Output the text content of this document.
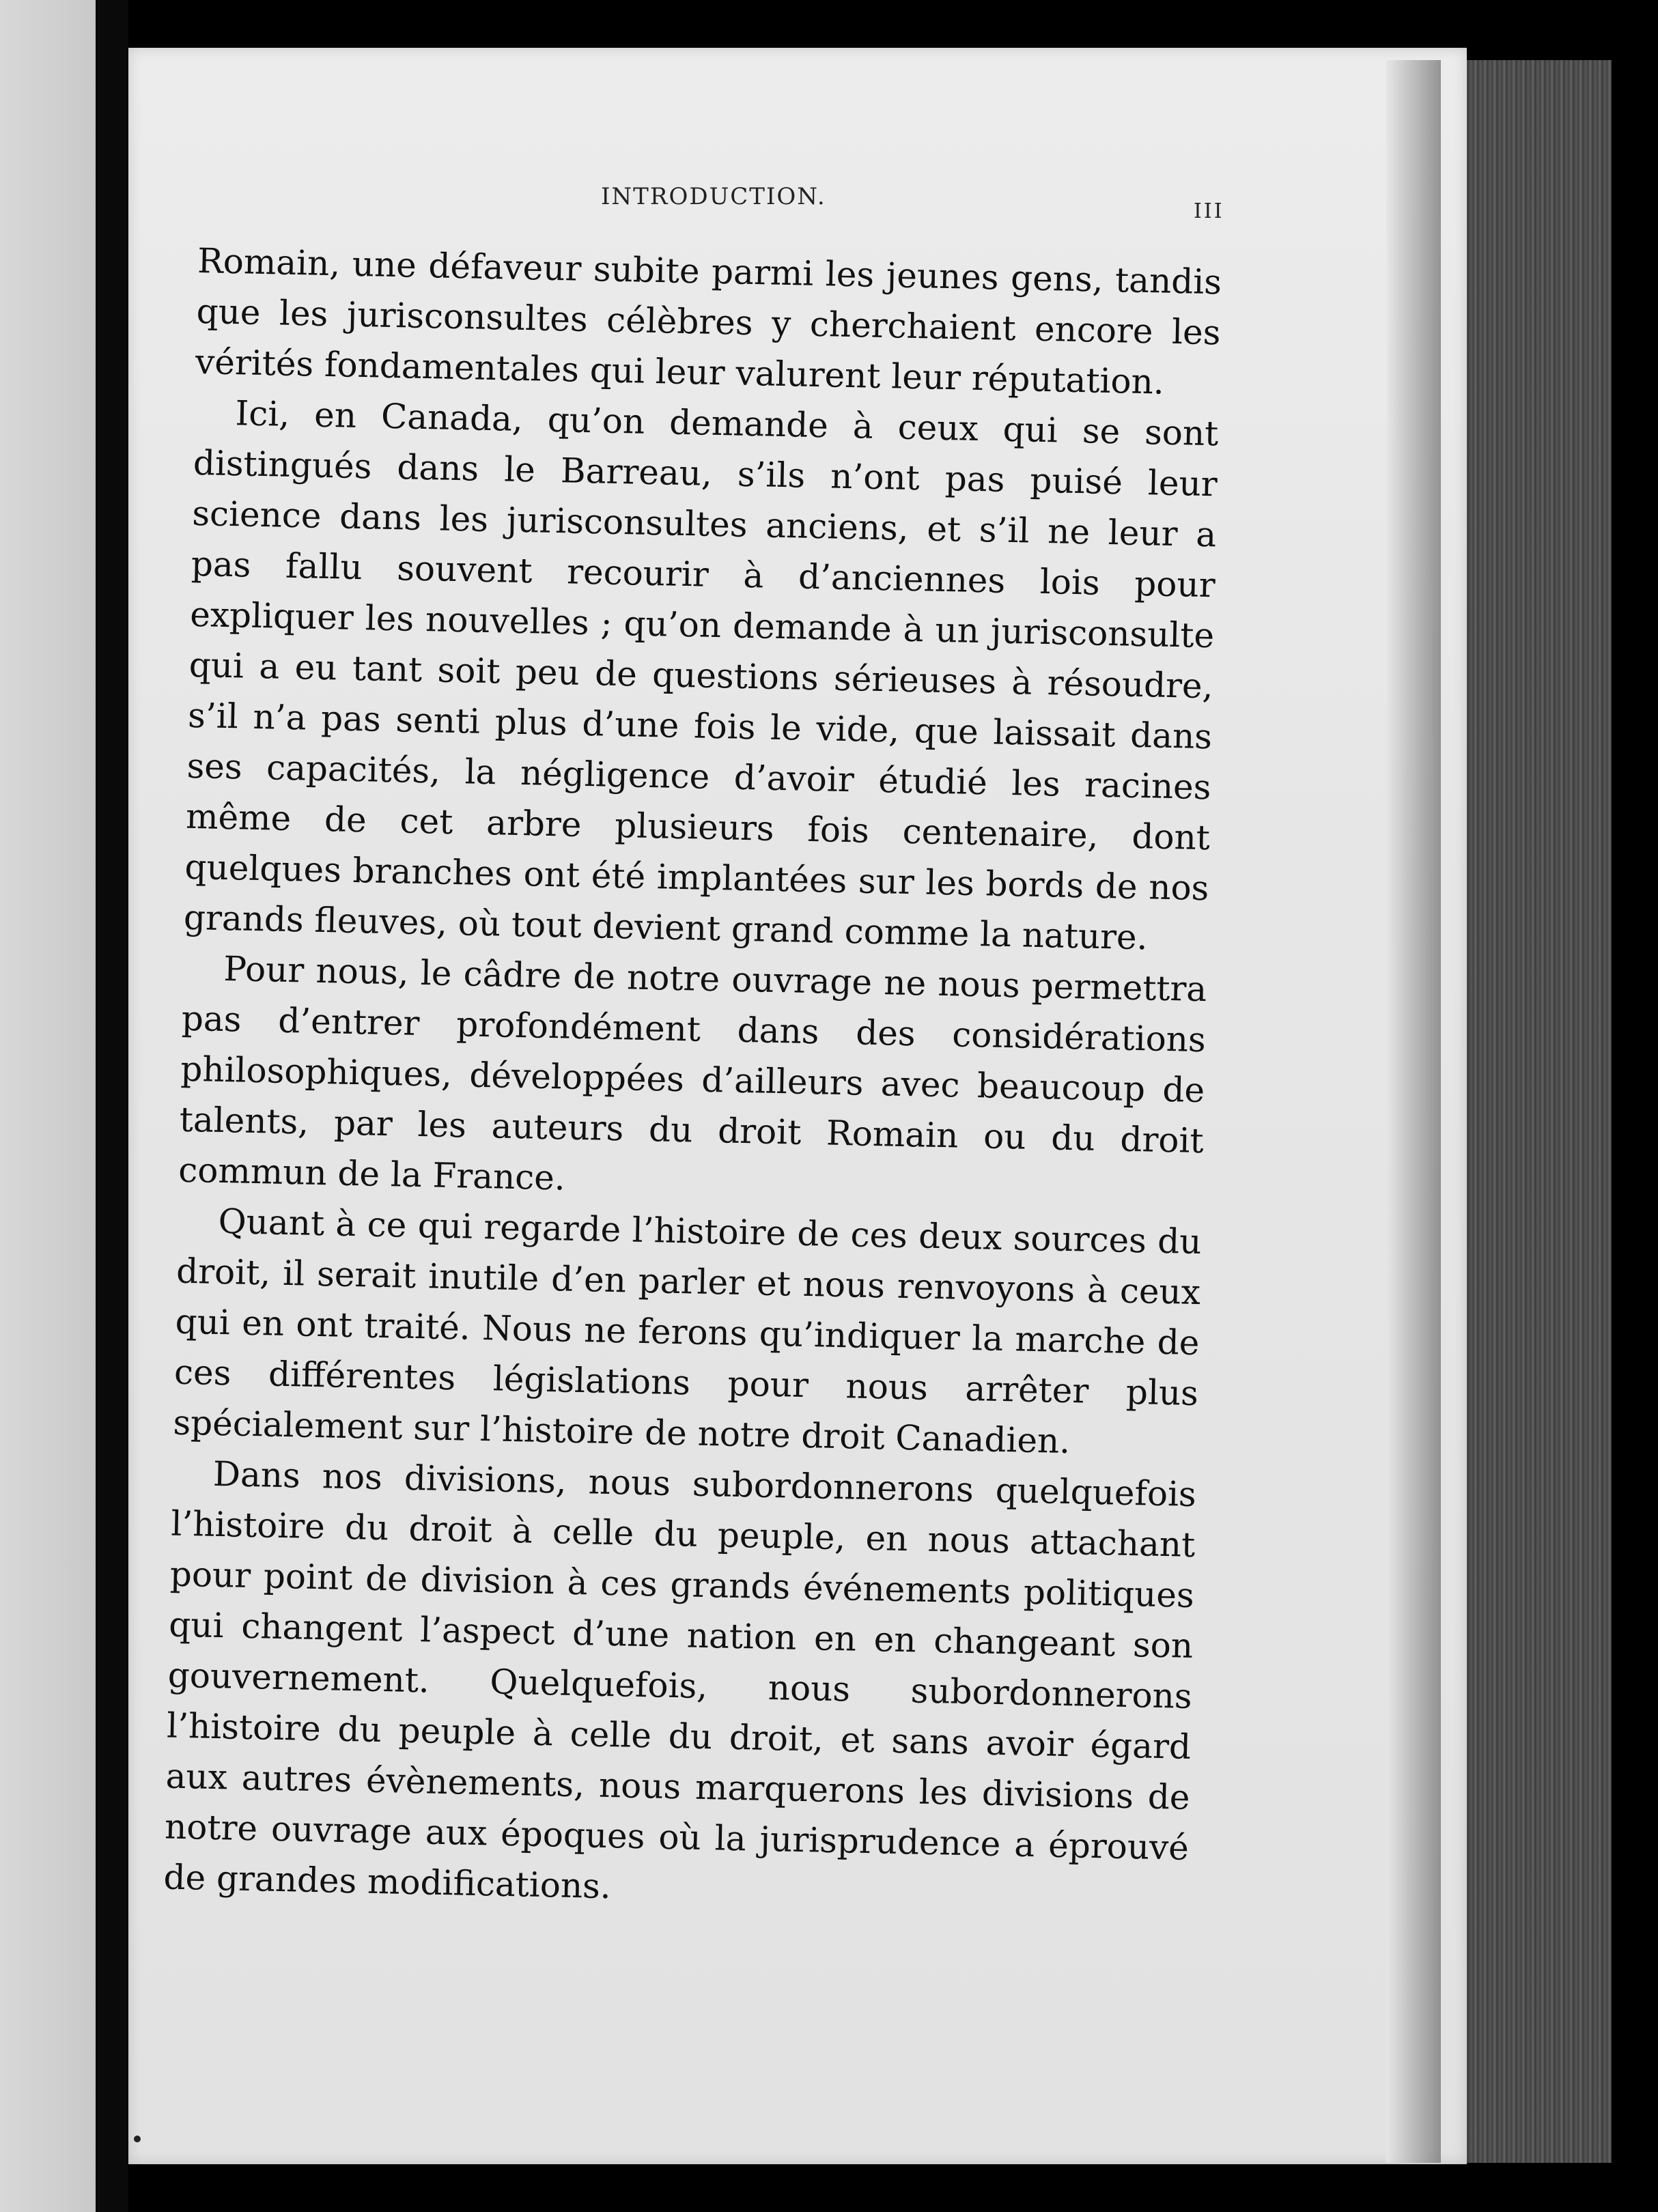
INTRODUCTION.
III

Romain, une défaveur subite parmi les jeunes gens, tandis que les jurisconsultes célèbres y cherchaient encore les vérités fondamentales qui leur valurent leur réputation.

Ici, en Canada, qu’on demande à ceux qui se sont distingués dans le Barreau, s’ils n’ont pas puisé leur science dans les jurisconsultes anciens, et s’il ne leur a pas fallu souvent recourir à d’anciennes lois pour expliquer les nouvelles ; qu’on demande à un jurisconsulte qui a eu tant soit peu de questions sérieuses à résoudre, s’il n’a pas senti plus d’une fois le vide, que laissait dans ses capacités, la négligence d’avoir étudié les racines même de cet arbre plusieurs fois centenaire, dont quelques branches ont été implantées sur les bords de nos grands fleuves, où tout devient grand comme la nature.

Pour nous, le câdre de notre ouvrage ne nous permettra pas d’entrer profondément dans des considérations philosophiques, développées d’ailleurs avec beaucoup de talents, par les auteurs du droit Romain ou du droit commun de la France.

Quant à ce qui regarde l’histoire de ces deux sources du droit, il serait inutile d’en parler et nous renvoyons à ceux qui en ont traité. Nous ne ferons qu’indiquer la marche de ces différentes législations pour nous arrêter plus spécialement sur l’histoire de notre droit Canadien.

Dans nos divisions, nous subordonnerons quelquefois l’histoire du droit à celle du peuple, en nous attachant pour point de division à ces grands événements politiques qui changent l’aspect d’une nation en en changeant son gouvernement. Quelquefois, nous subordonnerons l’histoire du peuple à celle du droit, et sans avoir égard aux autres évènements, nous marquerons les divisions de notre ouvrage aux époques où la jurisprudence a éprouvé de grandes modifications.
